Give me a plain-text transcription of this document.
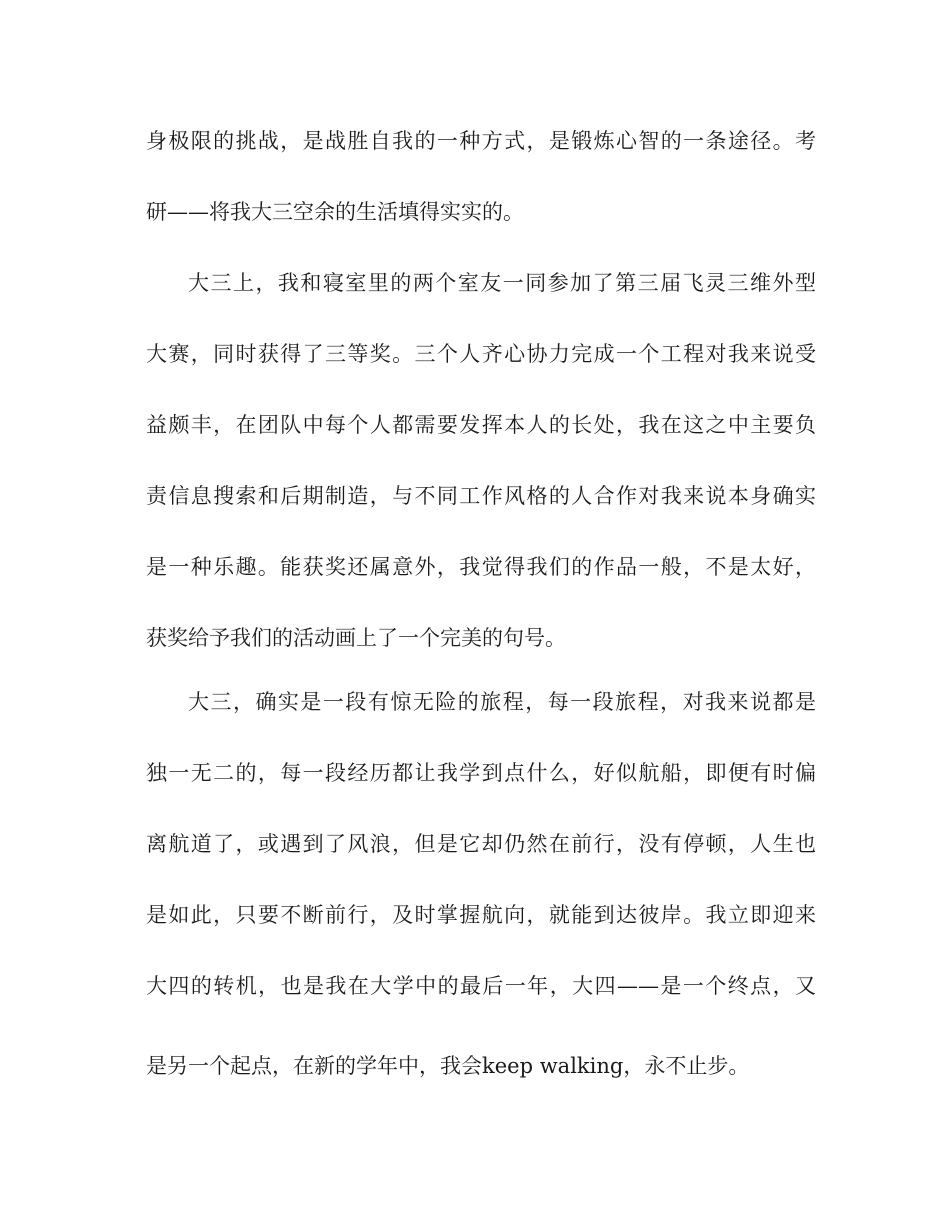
身极限的挑战，是战胜自我的一种方式，是锻炼心智的一条途径。考
研——将我大三空余的生活填得实实的。
大三上，我和寝室里的两个室友一同参加了第三届飞灵三维外型
大赛，同时获得了三等奖。三个人齐心协力完成一个工程对我来说受
益颇丰，在团队中每个人都需要发挥本人的长处，我在这之中主要负
责信息搜索和后期制造，与不同工作风格的人合作对我来说本身确实
是一种乐趣。能获奖还属意外，我觉得我们的作品一般，不是太好，
获奖给予我们的活动画上了一个完美的句号。
大三，确实是一段有惊无险的旅程，每一段旅程，对我来说都是
独一无二的，每一段经历都让我学到点什么，好似航船，即便有时偏
离航道了，或遇到了风浪，但是它却仍然在前行，没有停顿，人生也
是如此，只要不断前行，及时掌握航向，就能到达彼岸。我立即迎来
大四的转机，也是我在大学中的最后一年，大四——是一个终点，又
是另一个起点，在新的学年中，我会keep walking，永不止步。
